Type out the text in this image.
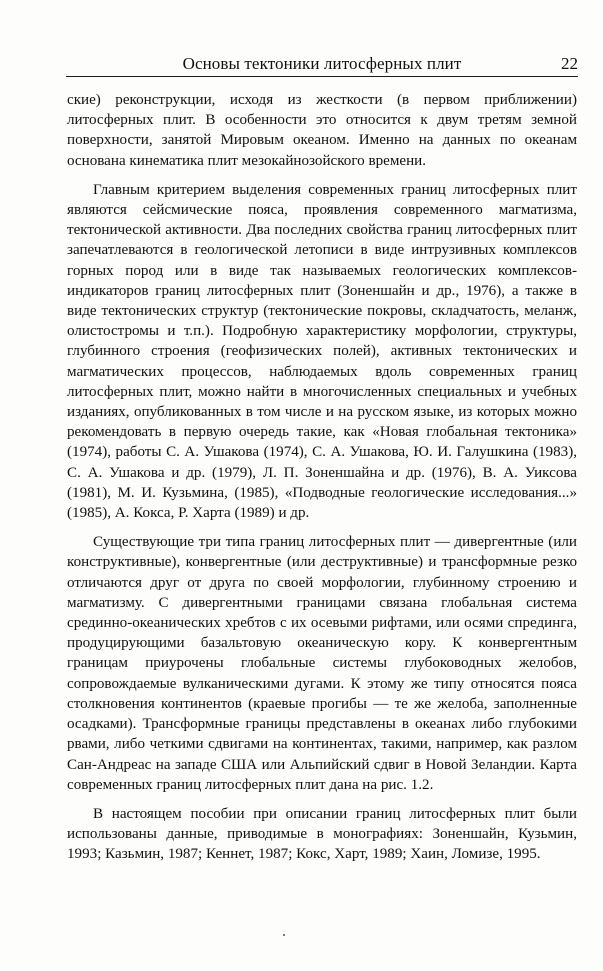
Основы тектоники литосферных плит	22

ские) реконструкции, исходя из жесткости (в первом приближении) литосферных плит. В особенности это относится к двум третям земной поверхности, занятой Мировым океаном. Именно на данных по океанам основана кинематика плит мезокайнозойского времени.

Главным критерием выделения современных границ литосферных плит являются сейсмические пояса, проявления современного магматизма, тектонической активности. Два последних свойства границ литосферных плит запечатлеваются в геологической летописи в виде интрузивных комплексов горных пород или в виде так называемых геологических комплексов-индикаторов границ литосферных плит (Зоненшайн и др., 1976), а также в виде тектонических структур (тектонические покровы, складчатость, меланж, олистостромы и т.п.). Подробную характеристику морфологии, структуры, глубинного строения (геофизических полей), активных тектонических и магматических процессов, наблюдаемых вдоль современных границ литосферных плит, можно найти в многочисленных специальных и учебных изданиях, опубликованных в том числе и на русском языке, из которых можно рекомендовать в первую очередь такие, как «Новая глобальная тектоника» (1974), работы С. А. Ушакова (1974), С. А. Ушакова, Ю. И. Галушкина (1983), С. А. Ушакова и др. (1979), Л. П. Зоненшайна и др. (1976), В. А. Уиксова (1981), М. И. Кузьмина, (1985), «Подводные геологические исследования...» (1985), А. Кокса, Р. Харта (1989) и др.

Существующие три типа границ литосферных плит — дивергентные (или конструктивные), конвергентные (или деструктивные) и трансформные резко отличаются друг от друга по своей морфологии, глубинному строению и магматизму. С дивергентными границами связана глобальная система срединно-океанических хребтов с их осевыми рифтами, или осями спрединга, продуцирующими базальтовую океаническую кору. К конвергентным границам приурочены глобальные системы глубоководных желобов, сопровождаемые вулканическими дугами. К этому же типу относятся пояса столкновения континентов (краевые прогибы — те же желоба, заполненные осадками). Трансформные границы представлены в океанах либо глубокими рвами, либо четкими сдвигами на континентах, такими, например, как разлом Сан-Андреас на западе США или Альпийский сдвиг в Новой Зеландии. Карта современных границ литосферных плит дана на рис. 1.2.

В настоящем пособии при описании границ литосферных плит были использованы данные, приводимые в монографиях: Зоненшайн, Кузьмин, 1993; Казьмин, 1987; Кеннет, 1987; Кокс, Харт, 1989; Хаин, Ломизе, 1995.
